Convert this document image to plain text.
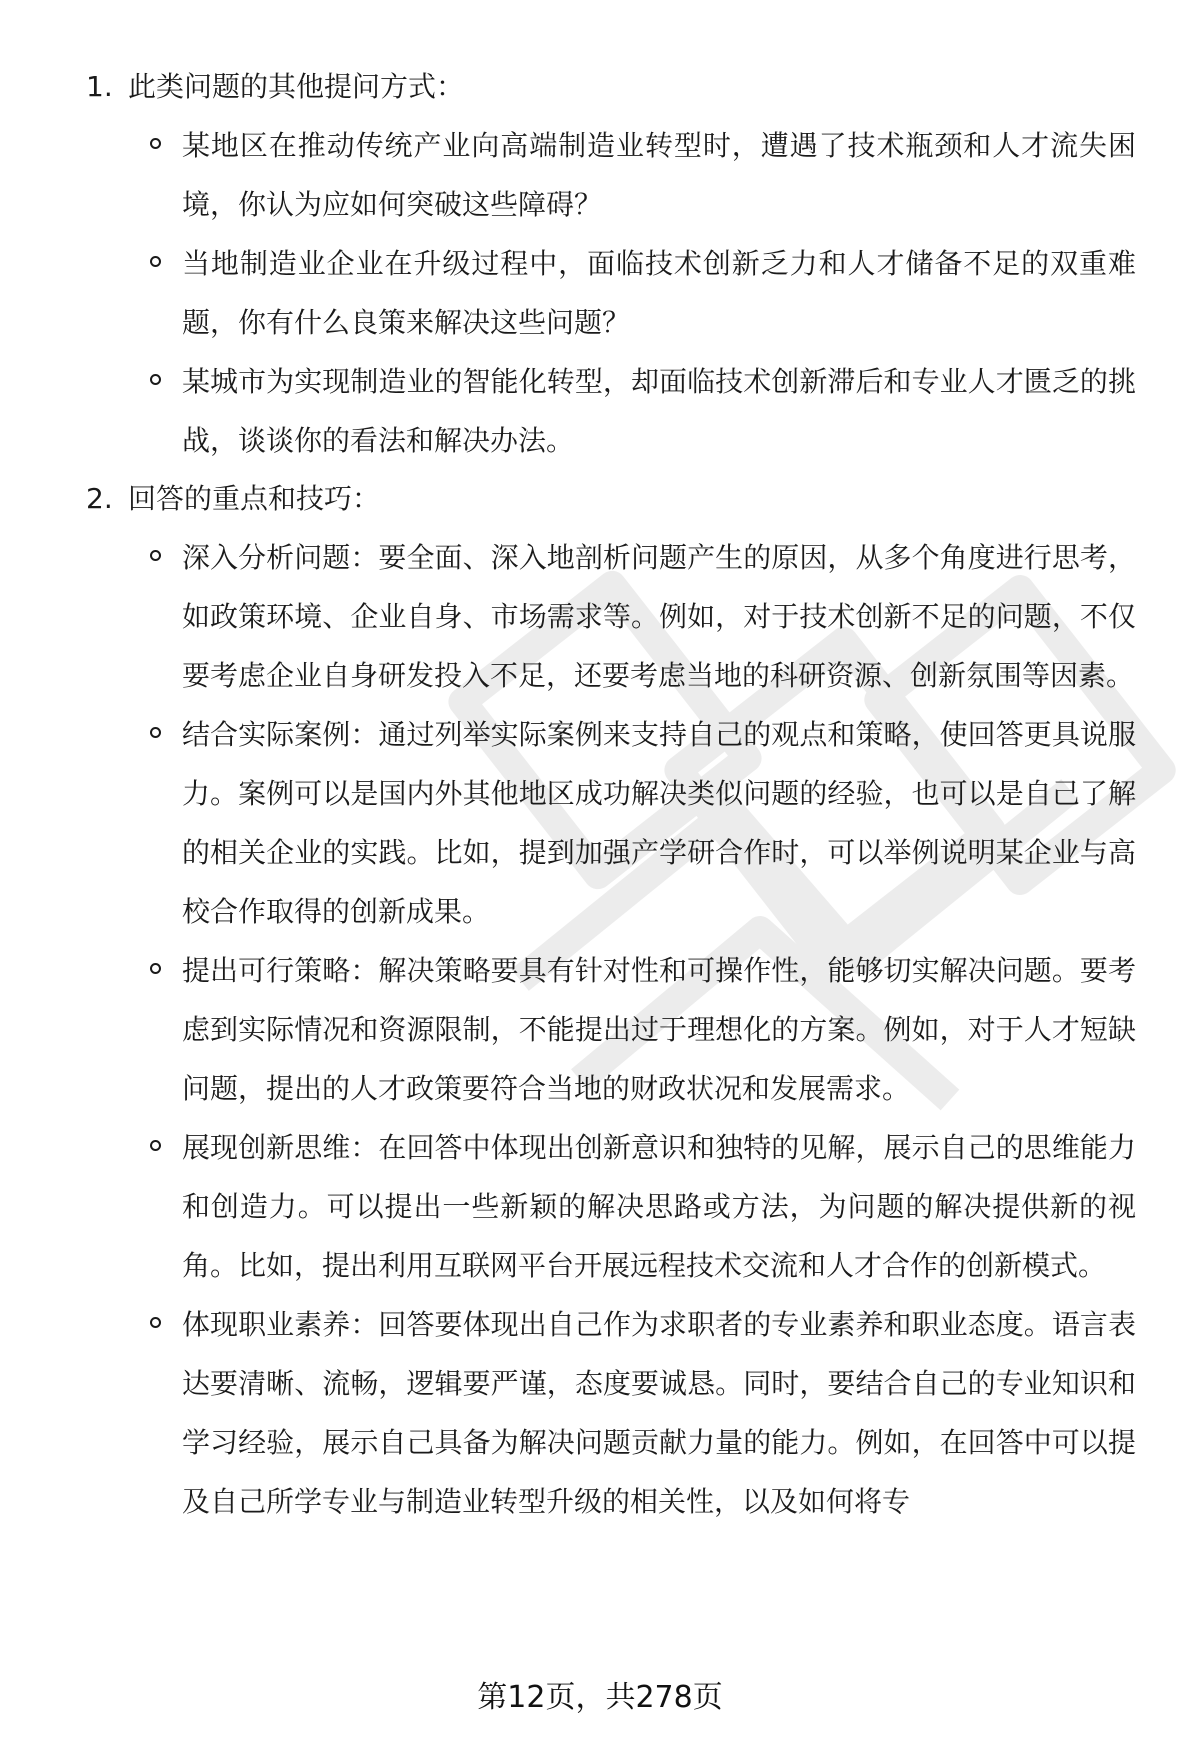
1. 此类问题的其他提问方式：
某地区在推动传统产业向高端制造业转型时，遭遇了技术瓶颈和人才流失困境，你认为应如何突破这些障碍？
当地制造业企业在升级过程中，面临技术创新乏力和人才储备不足的双重难题，你有什么良策来解决这些问题？
某城市为实现制造业的智能化转型，却面临技术创新滞后和专业人才匮乏的挑战，谈谈你的看法和解决办法。
2. 回答的重点和技巧：
深入分析问题：要全面、深入地剖析问题产生的原因，从多个角度进行思考，如政策环境、企业自身、市场需求等。例如，对于技术创新不足的问题，不仅要考虑企业自身研发投入不足，还要考虑当地的科研资源、创新氛围等因素。
结合实际案例：通过列举实际案例来支持自己的观点和策略，使回答更具说服力。案例可以是国内外其他地区成功解决类似问题的经验，也可以是自己了解的相关企业的实践。比如，提到加强产学研合作时，可以举例说明某企业与高校合作取得的创新成果。
提出可行策略：解决策略要具有针对性和可操作性，能够切实解决问题。要考虑到实际情况和资源限制，不能提出过于理想化的方案。例如，对于人才短缺问题，提出的人才政策要符合当地的财政状况和发展需求。
展现创新思维：在回答中体现出创新意识和独特的见解，展示自己的思维能力和创造力。可以提出一些新颖的解决思路或方法，为问题的解决提供新的视角。比如，提出利用互联网平台开展远程技术交流和人才合作的创新模式。
体现职业素养：回答要体现出自己作为求职者的专业素养和职业态度。语言表达要清晰、流畅，逻辑要严谨，态度要诚恳。同时，要结合自己的专业知识和学习经验，展示自己具备为解决问题贡献力量的能力。例如，在回答中可以提及自己所学专业与制造业转型升级的相关性，以及如何将专
第12页，共278页
